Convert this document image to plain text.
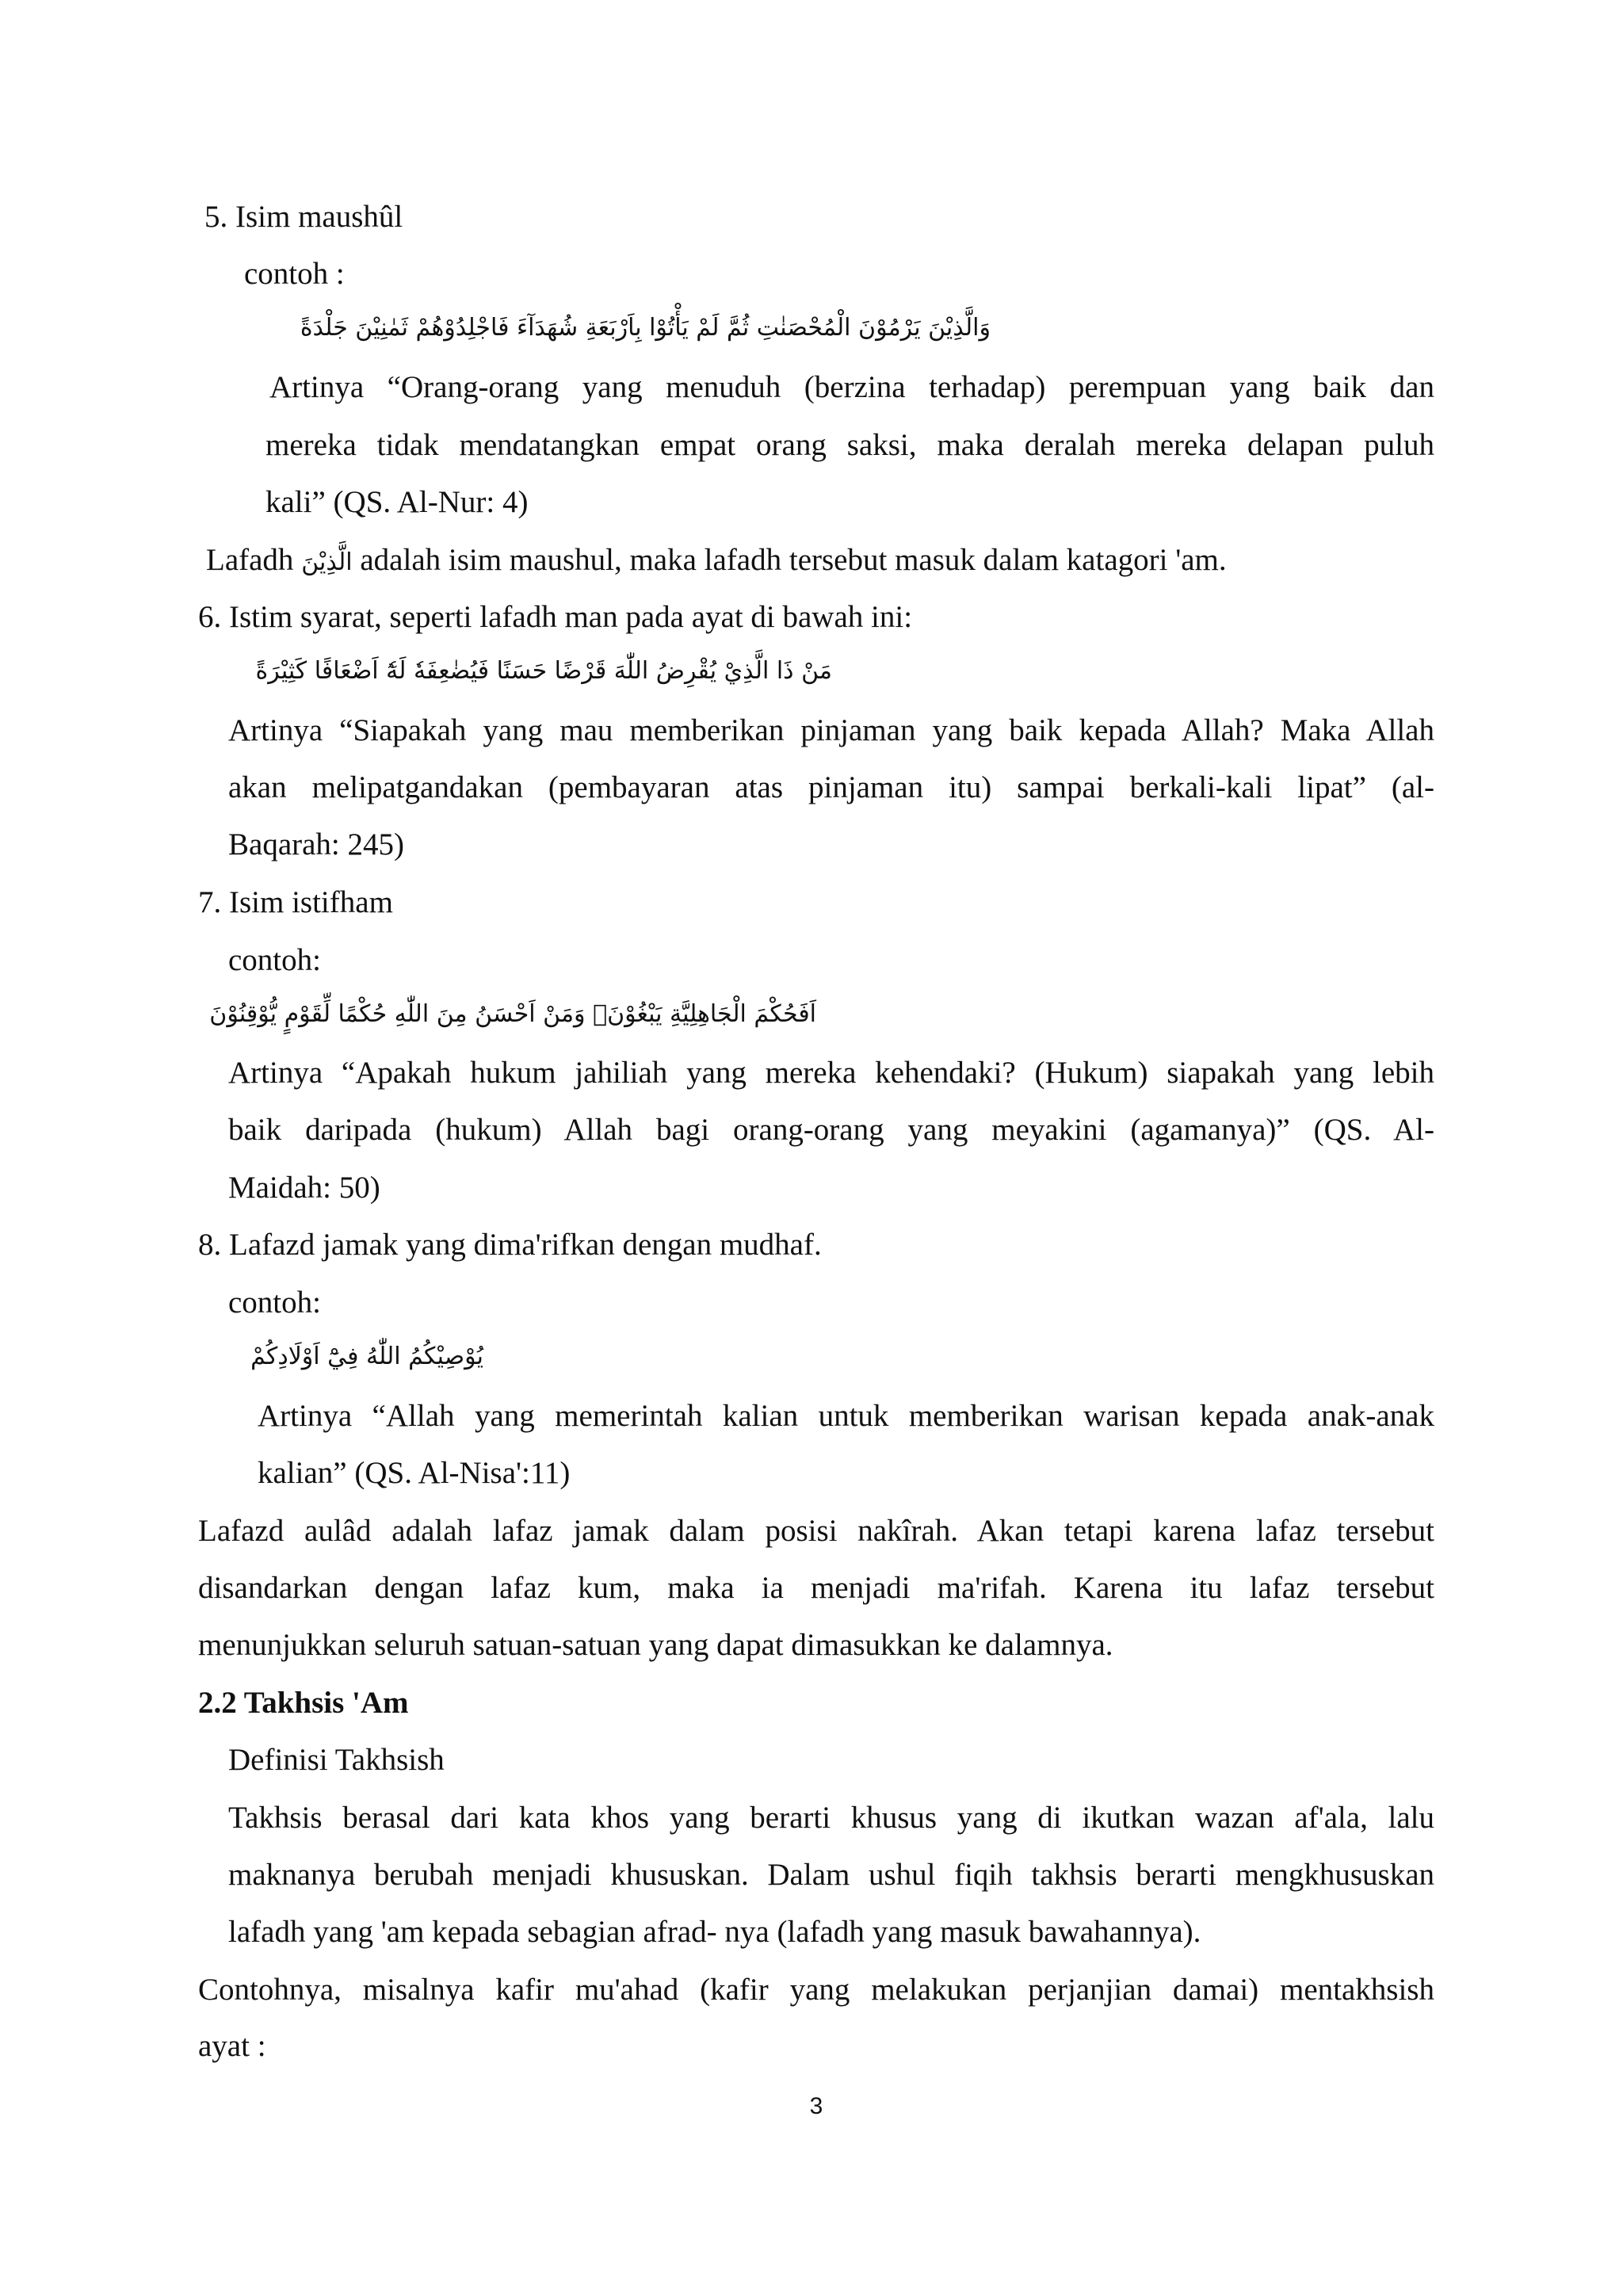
5. Isim maushûl
contoh :
وَالَّذِيْنَ يَرْمُوْنَ الْمُحْصَنٰتِ ثُمَّ لَمْ يَأْتُوْا بِاَرْبَعَةِ شُهَدَآءَ فَاجْلِدُوْهُمْ ثَمٰنِيْنَ جَلْدَةً
Artinya “Orang-orang yang menuduh (berzina terhadap) perempuan yang baik dan
mereka tidak mendatangkan empat orang saksi, maka deralah mereka delapan puluh
kali” (QS. Al-Nur: 4)
Lafadh الَّذِيْنَ adalah isim maushul, maka lafadh tersebut masuk dalam katagori 'am.
6. Istim syarat, seperti lafadh man pada ayat di bawah ini:
مَنْ ذَا الَّذِيْ يُقْرِضُ اللّٰهَ قَرْضًا حَسَنًا فَيُضٰعِفَهٗ لَهٗٓ اَضْعَافًا كَثِيْرَةً
Artinya “Siapakah yang mau memberikan pinjaman yang baik kepada Allah? Maka Allah
akan melipatgandakan (pembayaran atas pinjaman itu) sampai berkali-kali lipat” (al-
Baqarah: 245)
7. Isim istifham
contoh:
اَفَحُكْمَ الْجَاهِلِيَّةِ يَبْغُوْنَۗ وَمَنْ اَحْسَنُ مِنَ اللّٰهِ حُكْمًا لِّقَوْمٍ يُّوْقِنُوْنَ
Artinya “Apakah hukum jahiliah yang mereka kehendaki? (Hukum) siapakah yang lebih
baik daripada (hukum) Allah bagi orang-orang yang meyakini (agamanya)” (QS. Al-
Maidah: 50)
8. Lafazd jamak yang dima'rifkan dengan mudhaf.
contoh:
يُوْصِيْكُمُ اللّٰهُ فِيْٓ اَوْلَادِكُمْ
Artinya “Allah yang memerintah kalian untuk memberikan warisan kepada anak-anak
kalian” (QS. Al-Nisa':11)
Lafazd aulâd adalah lafaz jamak dalam posisi nakîrah. Akan tetapi karena lafaz tersebut
disandarkan dengan lafaz kum, maka ia menjadi ma'rifah. Karena itu lafaz tersebut
menunjukkan seluruh satuan-satuan yang dapat dimasukkan ke dalamnya.
2.2 Takhsis 'Am
Definisi Takhsish
Takhsis berasal dari kata khos yang berarti khusus yang di ikutkan wazan af'ala, lalu
maknanya berubah menjadi khususkan. Dalam ushul fiqih takhsis berarti mengkhususkan
lafadh yang 'am kepada sebagian afrad- nya (lafadh yang masuk bawahannya).
Contohnya, misalnya kafir mu'ahad (kafir yang melakukan perjanjian damai) mentakhsish
ayat :
3
